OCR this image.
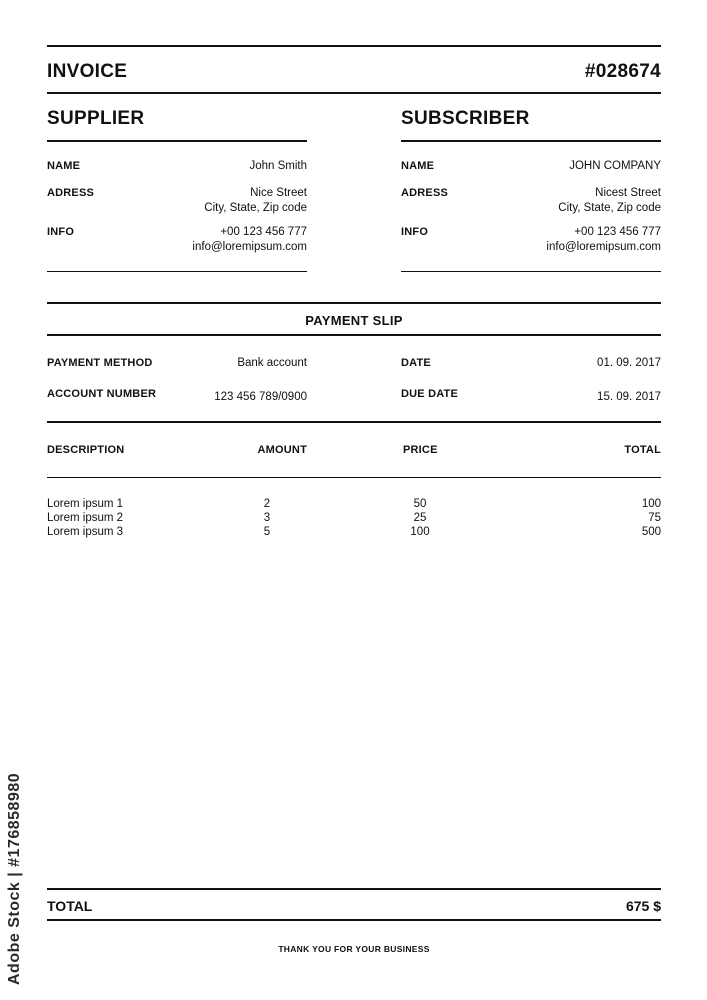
INVOICE	#028674
SUPPLIER
NAME	John Smith
ADRESS	Nice Street
City, State, Zip code
INFO	+00 123 456 777
info@loremipsum.com
SUBSCRIBER
NAME	JOHN COMPANY
ADRESS	Nicest Street
City, State, Zip code
INFO	+00 123 456 777
info@loremipsum.com
PAYMENT SLIP
PAYMENT METHOD	Bank account
ACCOUNT NUMBER	123 456 789/0900
DATE	01. 09. 2017
DUE DATE	15. 09. 2017
DESCRIPTION	AMOUNT	PRICE	TOTAL
Lorem ipsum 1	2	50	100
Lorem ipsum 2	3	25	75
Lorem ipsum 3	5	100	500
TOTAL	675 $
THANK YOU FOR YOUR BUSINESS
Adobe Stock | #176858980
